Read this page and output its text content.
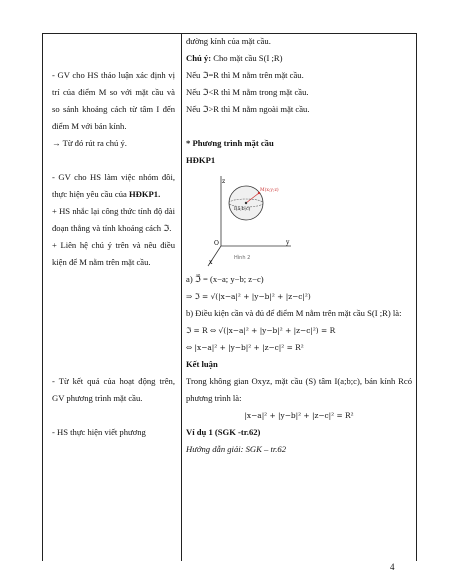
- GV cho HS thảo luận xác định vị trí của điểm M so với mặt cầu và so sánh khoảng cách từ tâm I đến điểm M với bán kính.

→ Từ đó rút ra chú ý.

- GV cho HS làm việc nhóm đôi, thực hiện yêu cầu của HĐKP1.

+ HS nhắc lại công thức tính độ dài đoạn thẳng và tính khoảng cách ℑ.

+ Liên hệ chú ý trên và nêu điều kiện để M nằm trên mặt cầu.

- Từ kết quả của hoạt động trên, GV phương trình mặt cầu.

- HS thực hiện viết phương

đường kính của mặt cầu.

Chú ý: Cho mặt cầu S(I ;R)

Nếu ℑ=R thì M nằm trên mặt cầu.

Nếu ℑ<R thì M nằm trong mặt cầu.

Nếu ℑ>R thì M nằm ngoài mặt cầu.

* Phương trình mặt cầu

HĐKP1

z
y
x
O
M(x;y;z)
I(a;b;c)
Hình 2

a) ℑ⃗ = (x−a; y−b; z−c)

⇒ ℑ = √(|x−a|² + |y−b|² + |z−c|²)

b) Điều kiện cần và đủ để điểm M nằm trên mặt cầu S(I ;R) là:

ℑ = R ⇔ √(|x−a|² + |y−b|² + |z−c|²) = R

⇔ |x−a|² + |y−b|² + |z−c|² = R²

Kết luận

Trong không gian Oxyz, mặt cầu (S) tâm I(a;b;c), bán kính Rcó phương trình là:

|x−a|² + |y−b|² + |z−c|² = R²

Ví dụ 1 (SGK -tr.62)

Hướng dẫn giải: SGK – tr.62

4
